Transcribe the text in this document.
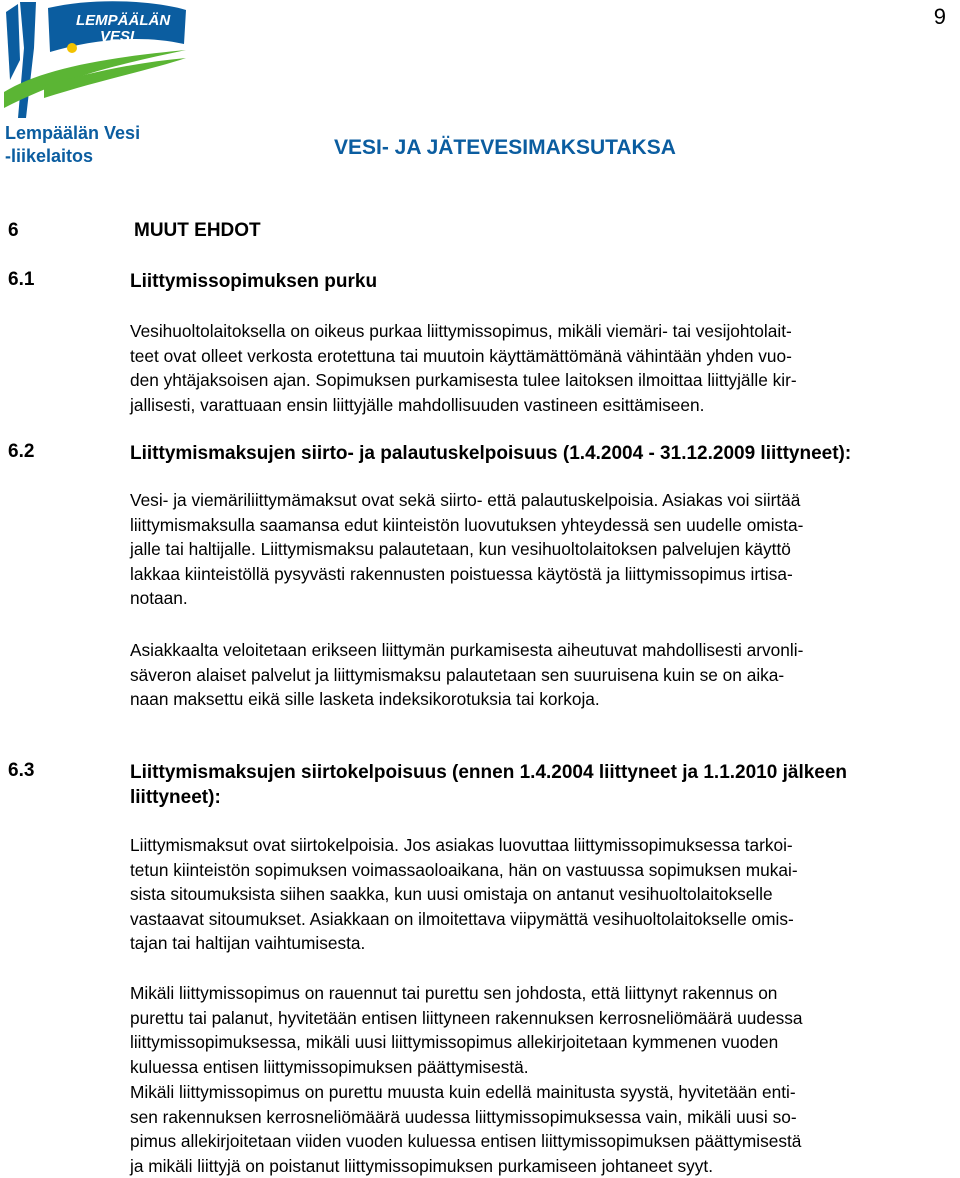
LEMPÄÄLÄN
VESI
9
Lempäälän Vesi
-liikelaitos	VESI- JA JÄTEVESIMAKSUTAKSA
6	MUUT EHDOT
6.1	Liittymissopimuksen purku
Vesihuoltolaitoksella on oikeus purkaa liittymissopimus, mikäli viemäri- tai vesijohtolait-
teet ovat olleet verkosta erotettuna tai muutoin käyttämättömänä vähintään yhden vuo-
den yhtäjaksoisen ajan. Sopimuksen purkamisesta tulee laitoksen ilmoittaa liittyjälle kir-
jallisesti, varattuaan ensin liittyjälle mahdollisuuden vastineen esittämiseen.
6.2	Liittymismaksujen siirto- ja palautuskelpoisuus (1.4.2004 - 31.12.2009 liittyneet):
Vesi- ja viemäriliittymämaksut ovat sekä siirto- että palautuskelpoisia. Asiakas voi siirtää
liittymismaksulla saamansa edut kiinteistön luovutuksen yhteydessä sen uudelle omista-
jalle tai haltijalle. Liittymismaksu palautetaan, kun vesihuoltolaitoksen palvelujen käyttö
lakkaa kiinteistöllä pysyvästi rakennusten poistuessa käytöstä ja liittymissopimus irtisa-
notaan.
Asiakkaalta veloitetaan erikseen liittymän purkamisesta aiheutuvat mahdollisesti arvonli-
säveron alaiset palvelut ja liittymismaksu palautetaan sen suuruisena kuin se on aika-
naan maksettu eikä sille lasketa indeksikorotuksia tai korkoja.
6.3	Liittymismaksujen siirtokelpoisuus (ennen 1.4.2004 liittyneet ja 1.1.2010 jälkeen
liittyneet):
Liittymismaksut ovat siirtokelpoisia. Jos asiakas luovuttaa liittymissopimuksessa tarkoi-
tetun kiinteistön sopimuksen voimassaoloaikana, hän on vastuussa sopimuksen mukai-
sista sitoumuksista siihen saakka, kun uusi omistaja on antanut vesihuoltolaitokselle
vastaavat sitoumukset. Asiakkaan on ilmoitettava viipymättä vesihuoltolaitokselle omis-
tajan tai haltijan vaihtumisesta.
Mikäli liittymissopimus on rauennut tai purettu sen johdosta, että liittynyt rakennus on
purettu tai palanut, hyvitetään entisen liittyneen rakennuksen kerrosneliömäärä uudessa
liittymissopimuksessa, mikäli uusi liittymissopimus allekirjoitetaan kymmenen vuoden
kuluessa entisen liittymissopimuksen päättymisestä.
Mikäli liittymissopimus on purettu muusta kuin edellä mainitusta syystä, hyvitetään enti-
sen rakennuksen kerrosneliömäärä uudessa liittymissopimuksessa vain, mikäli uusi so-
pimus allekirjoitetaan viiden vuoden kuluessa entisen liittymissopimuksen päättymisestä
ja mikäli liittyjä on poistanut liittymissopimuksen purkamiseen johtaneet syyt.
